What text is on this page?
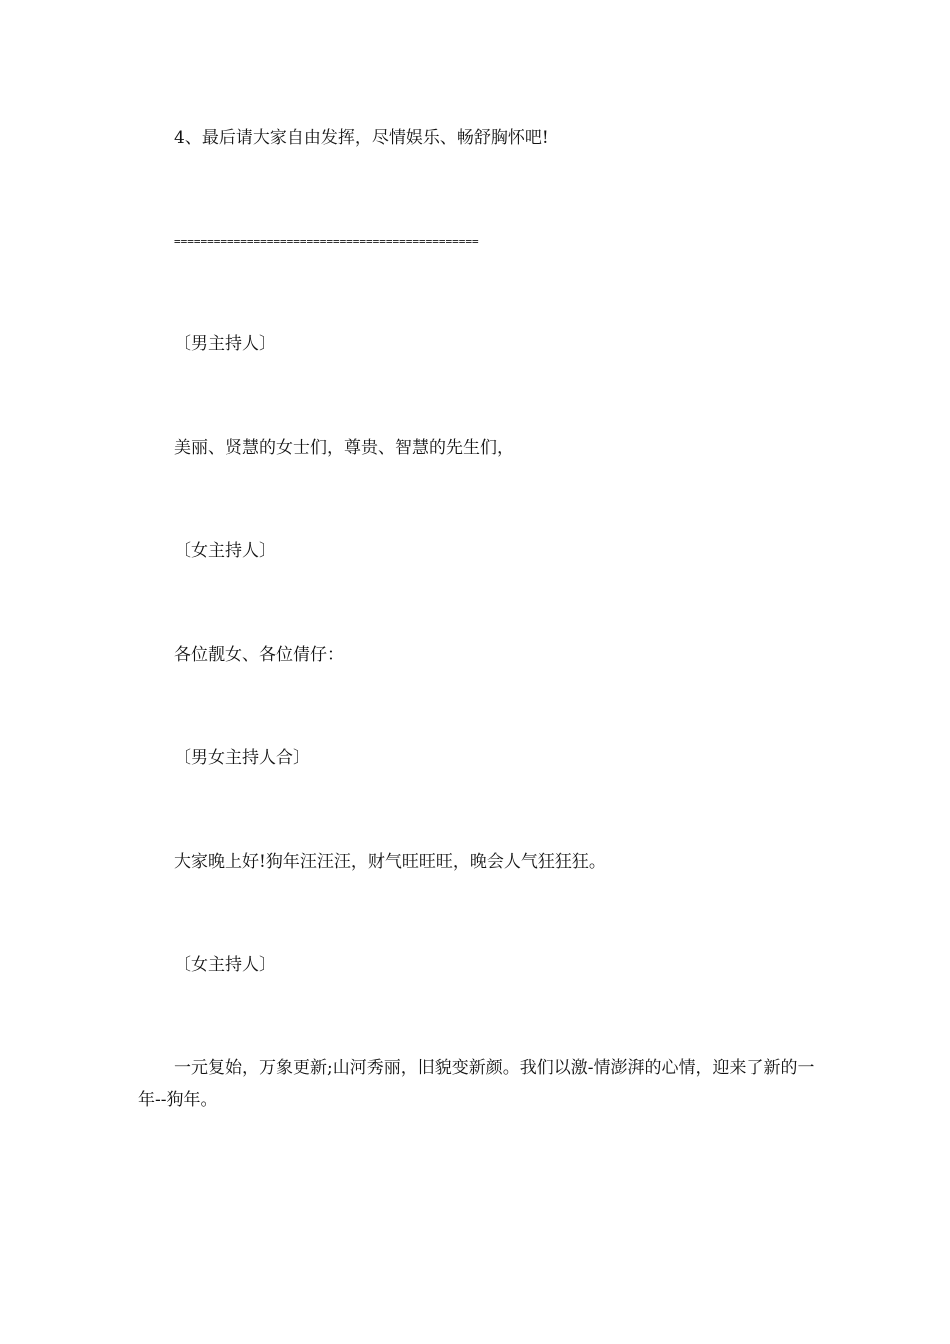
4、最后请大家自由发挥，尽情娱乐、畅舒胸怀吧!

==============================================

〔男主持人〕

美丽、贤慧的女士们，尊贵、智慧的先生们，

〔女主持人〕

各位靓女、各位倩仔：

〔男女主持人合〕

大家晚上好!狗年汪汪汪，财气旺旺旺，晚会人气狂狂狂。

〔女主持人〕

一元复始，万象更新;山河秀丽，旧貌变新颜。我们以激-情澎湃的心情，迎来了新的一年--狗年。
